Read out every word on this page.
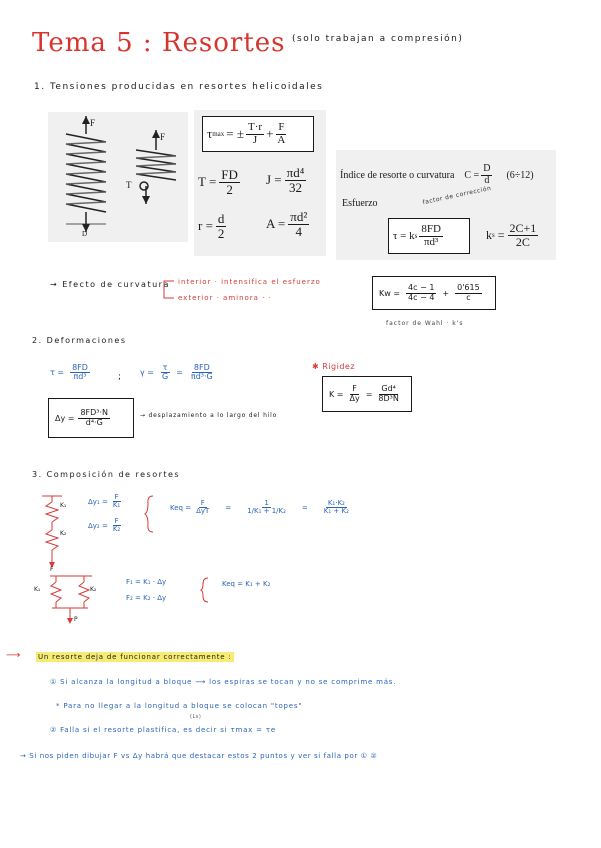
Tema 5 : Resortes (solo trabajan a compresión)
1. Tensiones producidas en resortes helicoidales
F
F
T
D
τ max = ± $\frac{T\cdot r}{J} + \frac{F}{A}$
$T = \frac{FD}{2}$ $J = \frac{\text{πd⁴}}{32}$
$r = \frac{d}{2}$	$A = \frac{\text{πd²}}{4}$
Índice de resorte o curvatura $C = \frac{D}{d} (6\div 12)$
Esfuerzo
τ = k s $\frac{8FD}{\text{πd³}}$	k $s = \frac{2C+1}{2C}$
factor de corrección
→ Efecto de curvatura interior · intensifica el esfuerzo
exterior · aminora · ·
$Kw = \frac{4c - 1}{4c - 4} + \frac{0'615}{c}$
factor de Wahl · k's
2. Deformaciones
$\tau = \frac{8FD}{\text{πd³}}$	; $\gamma = \frac{\tau}{G} = \frac{8FD}{\text{πd³·G}}$
$\Delta y = \frac{\text{8FD³·N}}{\text{d⁴·G}}$	→ desplazamiento a lo largo del hilo
✱ Rigidez
$K = \frac{F}{\Delta y} = \frac{\text{Gd⁴}}{\text{8D³N}}$
3. Composición de resortes
K₁
K₂
F
$\Delta y_1 = \frac{F}{\text{K₁}}$
$\Delta y_2 = \frac{F}{\text{K₂}}$
Keq = $\frac{F}{\text{ΔyT}} = \frac{1}{\text{1/K₁ + 1/K₂}} = \frac{\text{K₁·K₂}}{\text{K₁ + K₂}}$
K₁	K₂
P
F₁ = K₁ · Δy
F₂ = K₂ · Δy
Keq = K₁ + K₂
⟶	Un resorte deja de funcionar correctamente :
① Si alcanza la longitud a bloque ⟶ los espiras se tocan y no se comprime más.
* Para no llegar a la longitud a bloque se colocan "topes"
(Ls)
② Falla si el resorte plastifica, es decir si τmax = τe
→ Si nos piden dibujar F vs Δy habrá que destacar estos 2 puntos y ver si falla por ① ②
